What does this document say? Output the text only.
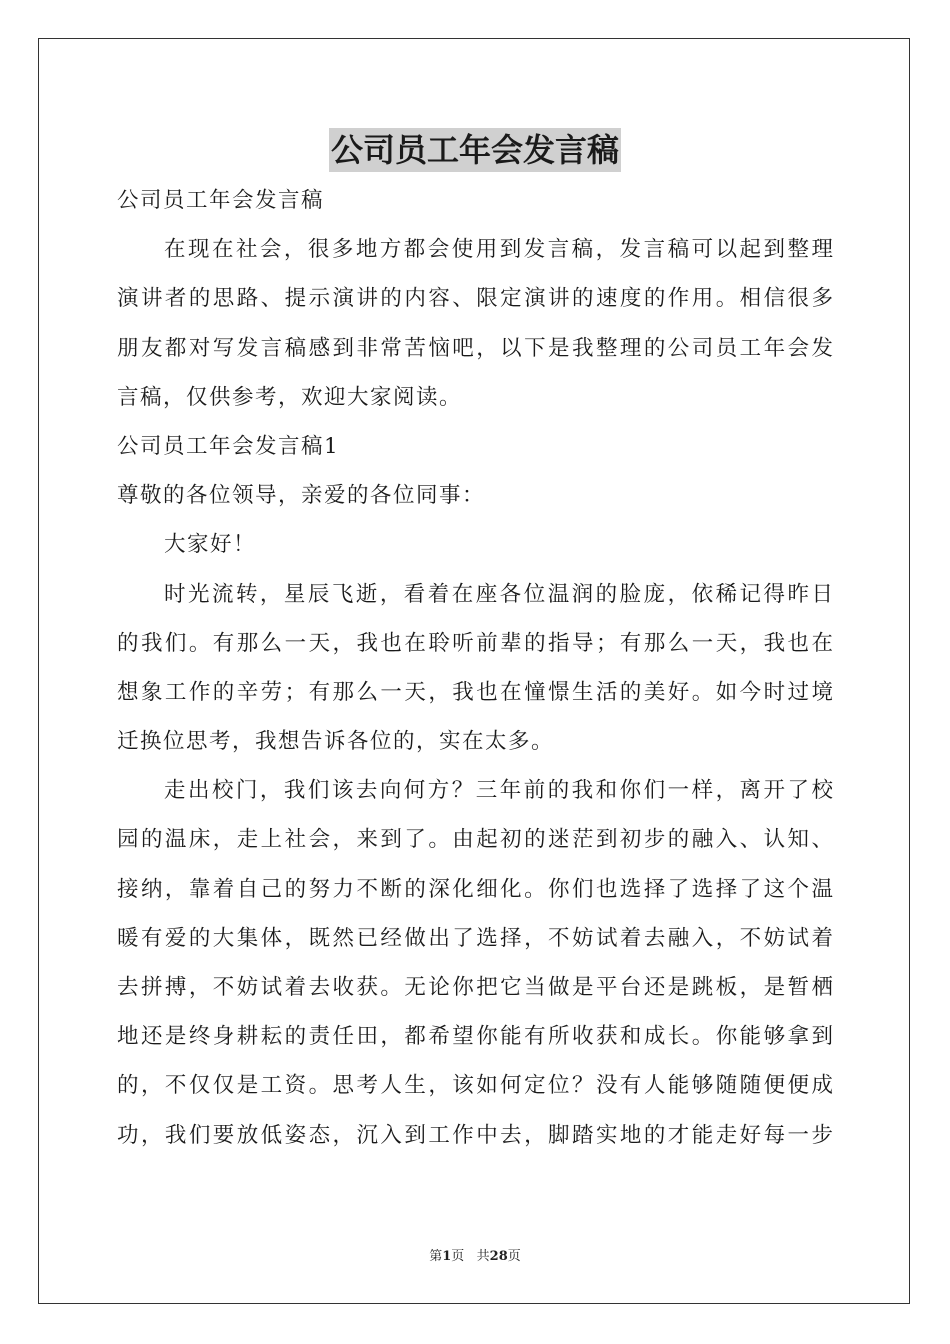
公司员工年会发言稿
公司员工年会发言稿
在现在社会，很多地方都会使用到发言稿，发言稿可以起到整理
演讲者的思路、提示演讲的内容、限定演讲的速度的作用。相信很多
朋友都对写发言稿感到非常苦恼吧，以下是我整理的公司员工年会发
言稿，仅供参考，欢迎大家阅读。
公司员工年会发言稿1
尊敬的各位领导，亲爱的各位同事：
大家好！
时光流转，星辰飞逝，看着在座各位温润的脸庞，依稀记得昨日
的我们。有那么一天，我也在聆听前辈的指导；有那么一天，我也在
想象工作的辛劳；有那么一天，我也在憧憬生活的美好。如今时过境
迁换位思考，我想告诉各位的，实在太多。
走出校门，我们该去向何方？三年前的我和你们一样，离开了校
园的温床，走上社会，来到了。由起初的迷茫到初步的融入、认知、
接纳，靠着自己的努力不断的深化细化。你们也选择了选择了这个温
暖有爱的大集体，既然已经做出了选择，不妨试着去融入，不妨试着
去拼搏，不妨试着去收获。无论你把它当做是平台还是跳板，是暂栖
地还是终身耕耘的责任田，都希望你能有所收获和成长。你能够拿到
的，不仅仅是工资。思考人生，该如何定位？没有人能够随随便便成
功，我们要放低姿态，沉入到工作中去，脚踏实地的才能走好每一步
第1页   共28页
